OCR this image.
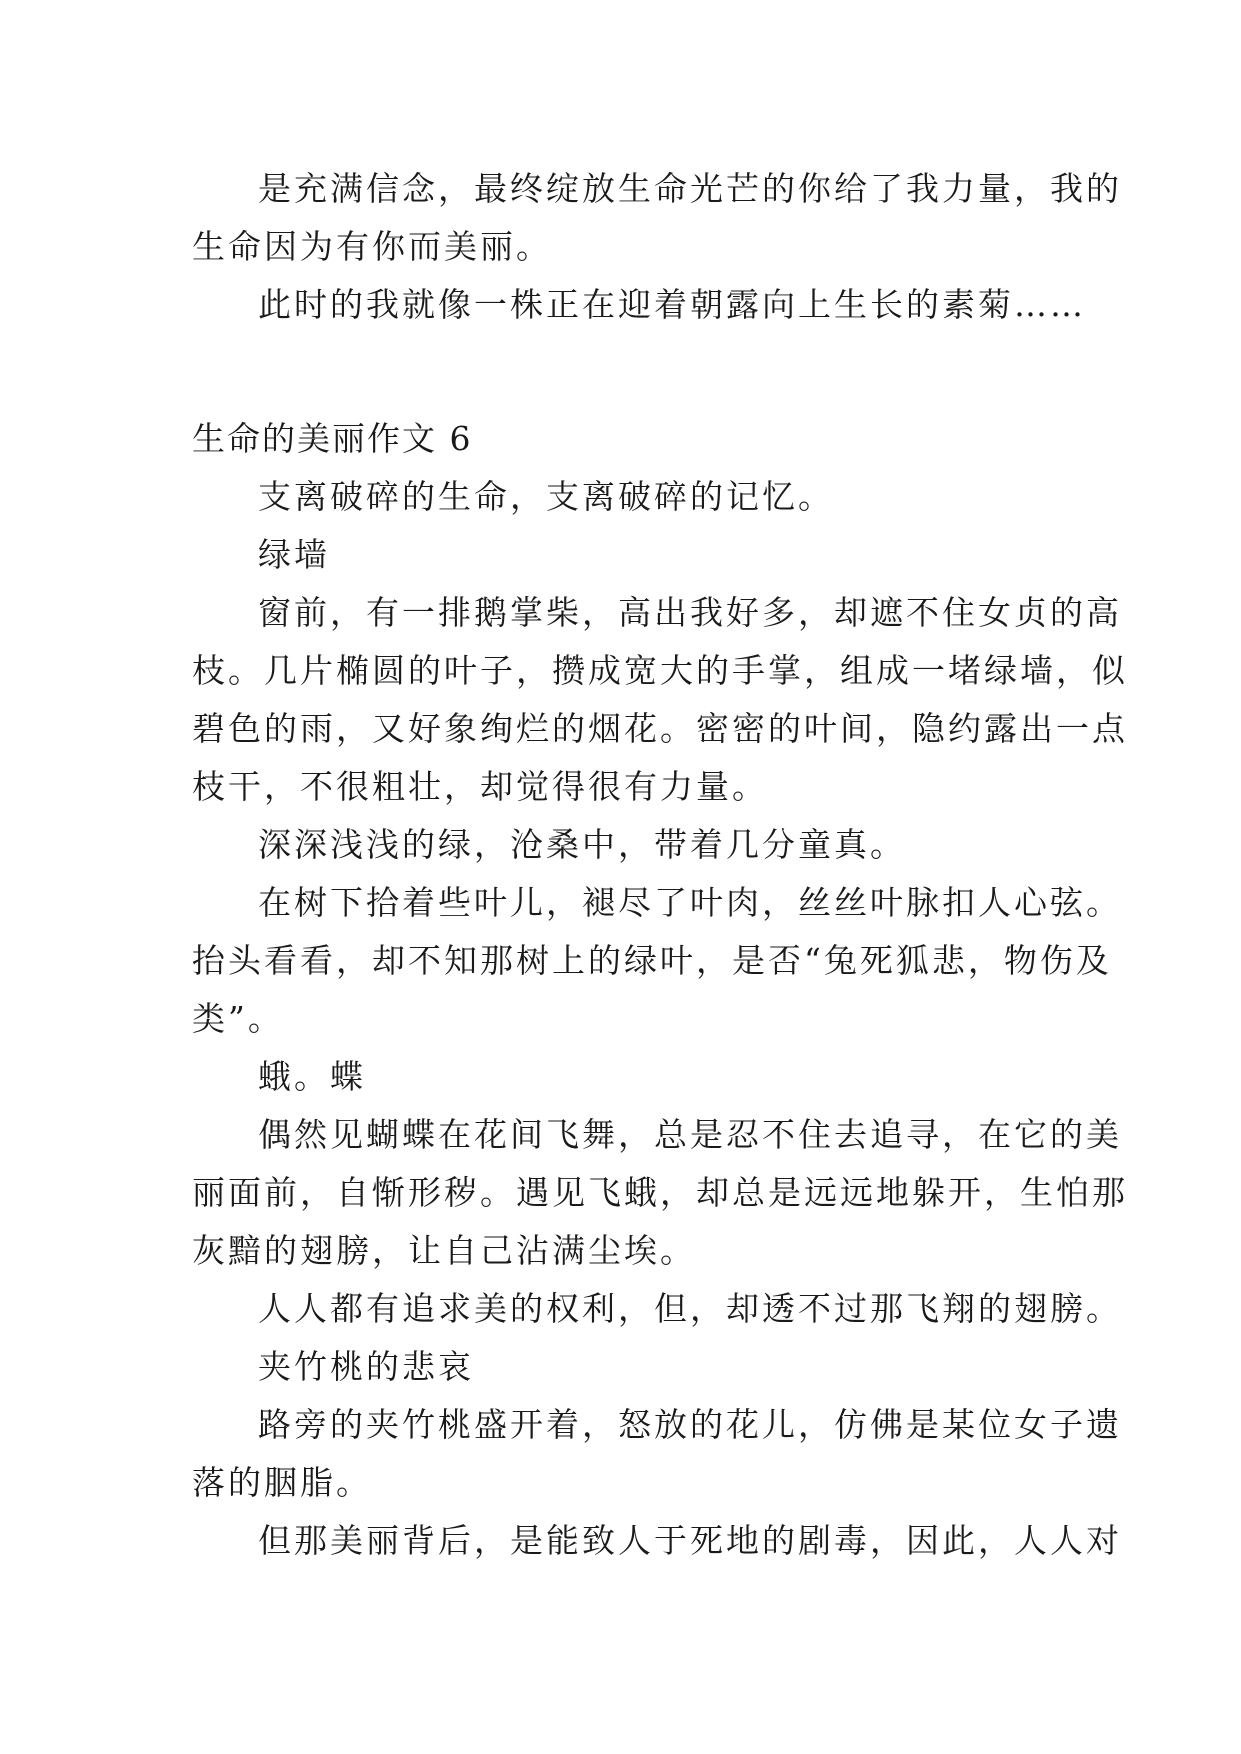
是充满信念，最终绽放生命光芒的你给了我力量，我的
生命因为有你而美丽。
此时的我就像一株正在迎着朝露向上生长的素菊……
生命的美丽作文 6
支离破碎的生命，支离破碎的记忆。
绿墙
窗前，有一排鹅掌柴，高出我好多，却遮不住女贞的高
枝。几片椭圆的叶子，攒成宽大的手掌，组成一堵绿墙，似
碧色的雨，又好象绚烂的烟花。密密的叶间，隐约露出一点
枝干，不很粗壮，却觉得很有力量。
深深浅浅的绿，沧桑中，带着几分童真。
在树下拾着些叶儿，褪尽了叶肉，丝丝叶脉扣人心弦。
抬头看看，却不知那树上的绿叶，是否“兔死狐悲，物伤及
类”。
蛾。蝶
偶然见蝴蝶在花间飞舞，总是忍不住去追寻，在它的美
丽面前，自惭形秽。遇见飞蛾，却总是远远地躲开，生怕那
灰黯的翅膀，让自己沾满尘埃。
人人都有追求美的权利，但，却透不过那飞翔的翅膀。
夹竹桃的悲哀
路旁的夹竹桃盛开着，怒放的花儿，仿佛是某位女子遗
落的胭脂。
但那美丽背后，是能致人于死地的剧毒，因此，人人对
